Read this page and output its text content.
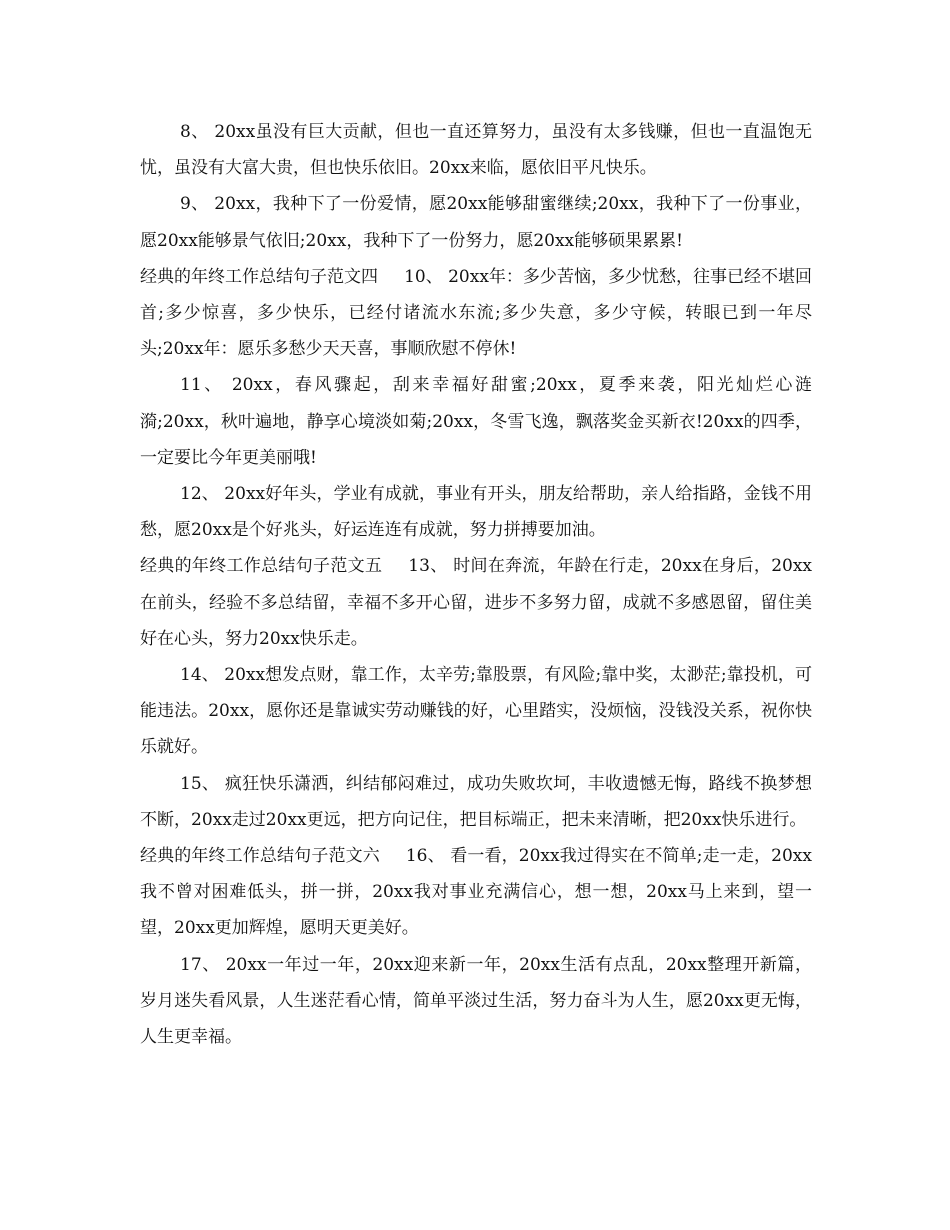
8、 20xx虽没有巨大贡献，但也一直还算努力，虽没有太多钱赚，但也一直温饱无忧，虽没有大富大贵，但也快乐依旧。20xx来临，愿依旧平凡快乐。

9、 20xx，我种下了一份爱情，愿20xx能够甜蜜继续;20xx，我种下了一份事业，愿20xx能够景气依旧;20xx，我种下了一份努力，愿20xx能够硕果累累!

经典的年终工作总结句子范文四 10、 20xx年：多少苦恼，多少忧愁，往事已经不堪回首;多少惊喜，多少快乐，已经付诸流水东流;多少失意，多少守候，转眼已到一年尽头;20xx年：愿乐多愁少天天喜，事顺欣慰不停休!

11、 20xx，春风骤起，刮来幸福好甜蜜;20xx，夏季来袭，阳光灿烂心涟漪;20xx，秋叶遍地，静享心境淡如菊;20xx，冬雪飞逸，飘落奖金买新衣!20xx的四季，一定要比今年更美丽哦!

12、 20xx好年头，学业有成就，事业有开头，朋友给帮助，亲人给指路，金钱不用愁，愿20xx是个好兆头，好运连连有成就，努力拼搏要加油。

经典的年终工作总结句子范文五 13、 时间在奔流，年龄在行走，20xx在身后，20xx在前头，经验不多总结留，幸福不多开心留，进步不多努力留，成就不多感恩留，留住美好在心头，努力20xx快乐走。

14、 20xx想发点财，靠工作，太辛劳;靠股票，有风险;靠中奖，太渺茫;靠投机，可能违法。20xx，愿你还是靠诚实劳动赚钱的好，心里踏实，没烦恼，没钱没关系，祝你快乐就好。

15、 疯狂快乐潇洒，纠结郁闷难过，成功失败坎坷，丰收遗憾无悔，路线不换梦想不断，20xx走过20xx更远，把方向记住，把目标端正，把未来清晰，把20xx快乐进行。

经典的年终工作总结句子范文六 16、 看一看，20xx我过得实在不简单;走一走，20xx我不曾对困难低头，拼一拼，20xx我对事业充满信心，想一想，20xx马上来到，望一望，20xx更加辉煌，愿明天更美好。

17、 20xx一年过一年，20xx迎来新一年，20xx生活有点乱，20xx整理开新篇，岁月迷失看风景，人生迷茫看心情，简单平淡过生活，努力奋斗为人生，愿20xx更无悔，人生更幸福。
